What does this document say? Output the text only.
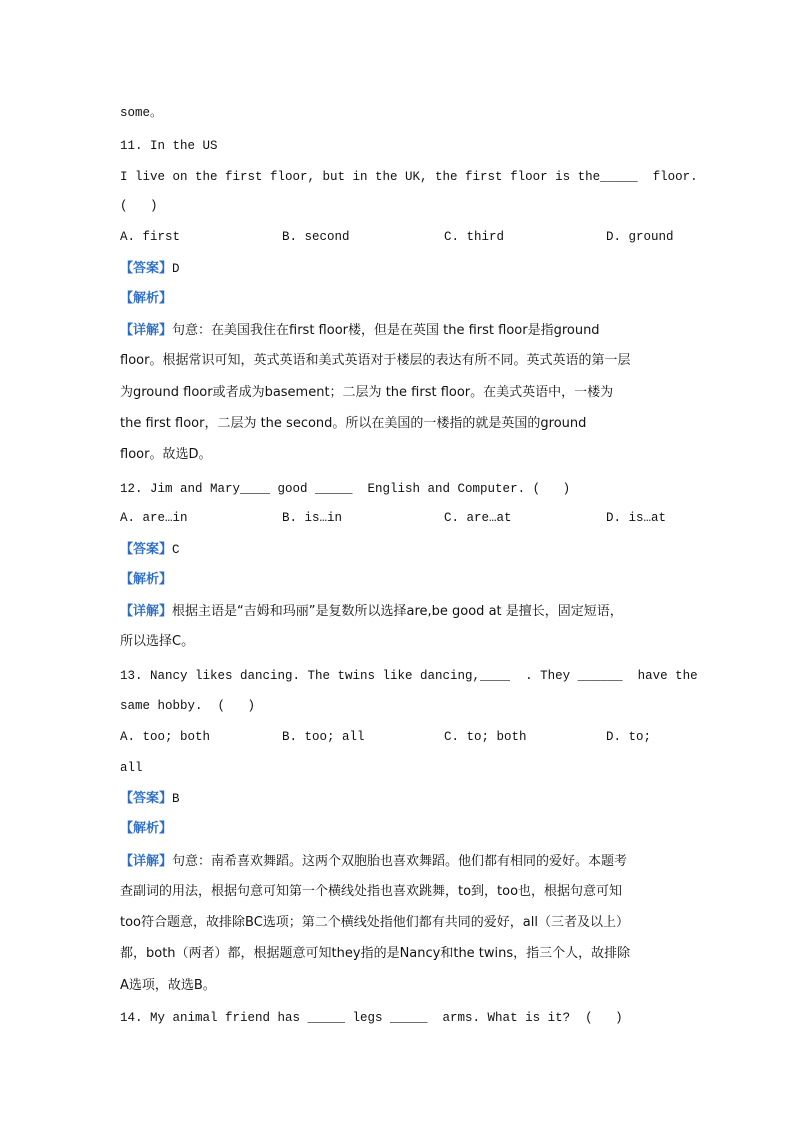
some。
11. In the US
I live on the first floor, but in the UK, the first floor is the_____  floor.
(   )
A. first	B. second	C. third	D. ground
【答案】D
【解析】
【详解】句意：在美国我住在first floor楼，但是在英国 the first floor是指ground
floor。根据常识可知，英式英语和美式英语对于楼层的表达有所不同。英式英语的第一层
为ground floor或者成为basement；二层为 the first floor。在美式英语中，一楼为
the first floor，二层为 the second。所以在美国的一楼指的就是英国的ground
floor。故选D。
12. Jim and Mary____ good _____  English and Computer. (   )
A. are…in	B. is…in	C. are…at	D. is…at
【答案】C
【解析】
【详解】根据主语是“吉姆和玛丽”是复数所以选择are,be good at 是擅长，固定短语，
所以选择C。
13. Nancy likes dancing. The twins like dancing,____  . They ______  have the
same hobby.  (   )
A. too; both	B. too; all	C. to; both	D. to;
all
【答案】B
【解析】
【详解】句意：南希喜欢舞蹈。这两个双胞胎也喜欢舞蹈。他们都有相同的爱好。本题考
查副词的用法，根据句意可知第一个横线处指也喜欢跳舞，to到，too也，根据句意可知
too符合题意，故排除BC选项；第二个横线处指他们都有共同的爱好，all（三者及以上）
都，both（两者）都，根据题意可知they指的是Nancy和the twins，指三个人，故排除
A选项，故选B。
14. My animal friend has _____ legs _____  arms. What is it?  (   )
